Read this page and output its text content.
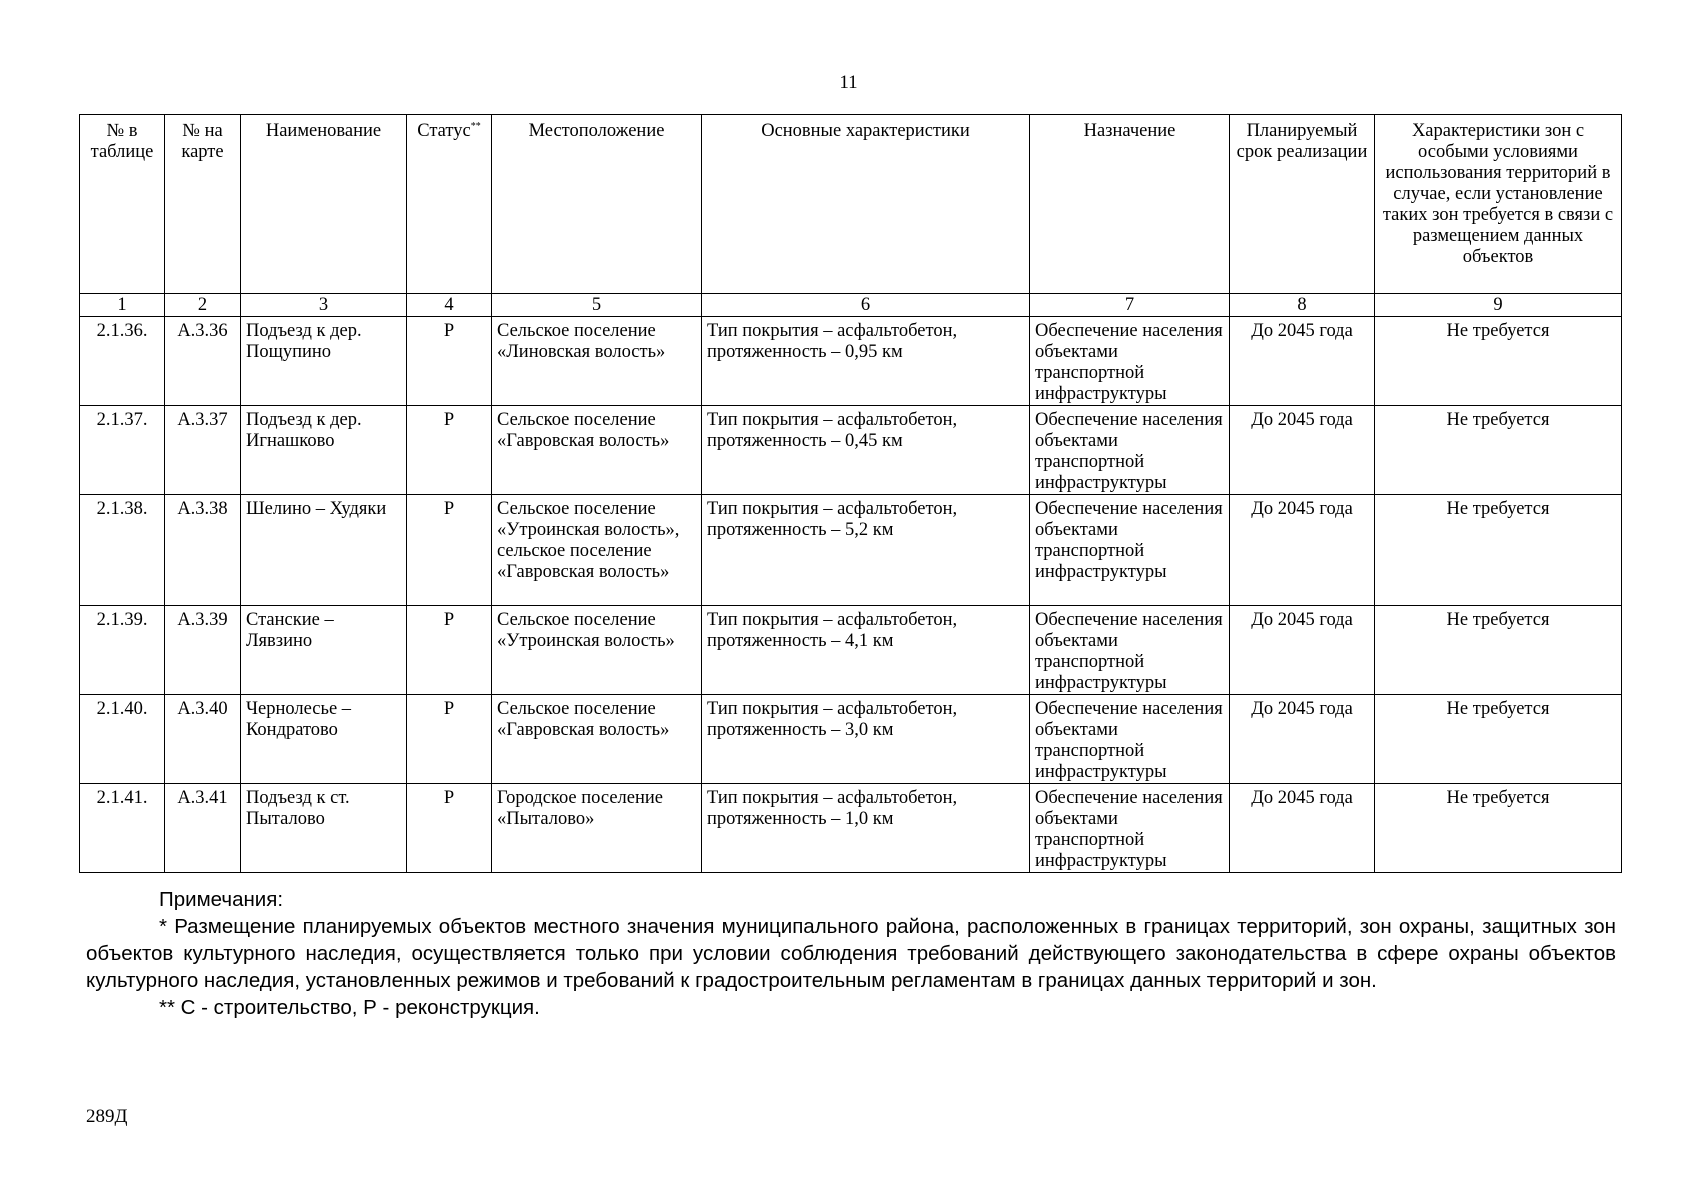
11
№ в таблице	№ на карте	Наименование	Статус**	Местоположение	Основные характеристики	Назначение	Планируемый срок реализации	Характеристики зон с особыми условиями использования территорий в случае, если установление таких зон требуется в связи с размещением данных объектов
1	2	3	4	5	6	7	8	9
2.1.36.	А.3.36	Подъезд к дер. Пощупино	Р	Сельское поселение «Линовская волость»	Тип покрытия – асфальтобетон, протяженность – 0,95 км	Обеспечение населения объектами транспортной инфраструктуры	До 2045 года	Не требуется
2.1.37.	А.3.37	Подъезд к дер. Игнашково	Р	Сельское поселение «Гавровская волость»	Тип покрытия – асфальтобетон, протяженность – 0,45 км	Обеспечение населения объектами транспортной инфраструктуры	До 2045 года	Не требуется
2.1.38.	А.3.38	Шелино – Худяки	Р	Сельское поселение «Утроинская волость», сельское поселение «Гавровская волость»	Тип покрытия – асфальтобетон, протяженность – 5,2 км	Обеспечение населения объектами транспортной инфраструктуры	До 2045 года	Не требуется
2.1.39.	А.3.39	Станские – Лявзино	Р	Сельское поселение «Утроинская волость»	Тип покрытия – асфальтобетон, протяженность – 4,1 км	Обеспечение населения объектами транспортной инфраструктуры	До 2045 года	Не требуется
2.1.40.	А.3.40	Чернолесье – Кондратово	Р	Сельское поселение «Гавровская волость»	Тип покрытия – асфальтобетон, протяженность – 3,0 км	Обеспечение населения объектами транспортной инфраструктуры	До 2045 года	Не требуется
2.1.41.	А.3.41	Подъезд к ст. Пыталово	Р	Городское поселение «Пыталово»	Тип покрытия – асфальтобетон, протяженность – 1,0 км	Обеспечение населения объектами транспортной инфраструктуры	До 2045 года	Не требуется

Примечания:

* Размещение планируемых объектов местного значения муниципального района, расположенных в границах территорий, зон охраны, защитных зон объектов культурного наследия, осуществляется только при условии соблюдения требований действующего законодательства в сфере охраны объектов культурного наследия, установленных режимов и требований к градостроительным регламентам в границах данных территорий и зон.

** С - строительство, Р - реконструкция.

289Д
